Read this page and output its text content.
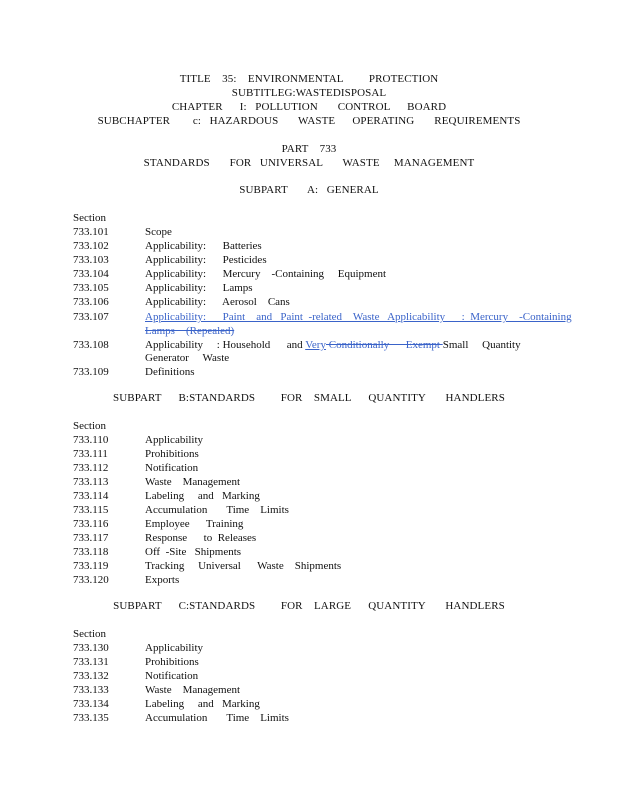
TITLE    35:    ENVIRONMENTAL         PROTECTION
SUBTITLEG:WASTEDISPOSAL
CHAPTER      I:   POLLUTION       CONTROL      BOARD
SUBCHAPTER        c:   HAZARDOUS       WASTE      OPERATING       REQUIREMENTS
PART    733
STANDARDS       FOR   UNIVERSAL       WASTE     MANAGEMENT
SUBPART       A:   GENERAL
Section
733.101	Scope
733.102	Applicability:      Batteries
733.103	Applicability:      Pesticides
733.104	Applicability:      Mercury    -Containing     Equipment
733.105	Applicability:      Lamps
733.106	Applicability:      Aerosol    Cans
733.107	Applicability:      Paint    and   Paint  -related    Waste   Applicability      :  Mercury    -Containing
Lamps    (Repealed)
733.108	Applicability     : Household      and Very Conditionally      Exempt Small     Quantity
Generator     Waste
733.109	Definitions
SUBPART      B:STANDARDS         FOR    SMALL      QUANTITY       HANDLERS
Section
733.110	Applicability
733.111	Prohibitions
733.112	Notification
733.113	Waste    Management
733.114	Labeling     and   Marking
733.115	Accumulation       Time    Limits
733.116	Employee      Training
733.117	Response      to  Releases
733.118	Off  -Site   Shipments
733.119	Tracking     Universal      Waste    Shipments
733.120	Exports
SUBPART      C:STANDARDS         FOR    LARGE      QUANTITY       HANDLERS
Section
733.130	Applicability
733.131	Prohibitions
733.132	Notification
733.133	Waste    Management
733.134	Labeling     and   Marking
733.135	Accumulation       Time    Limits
